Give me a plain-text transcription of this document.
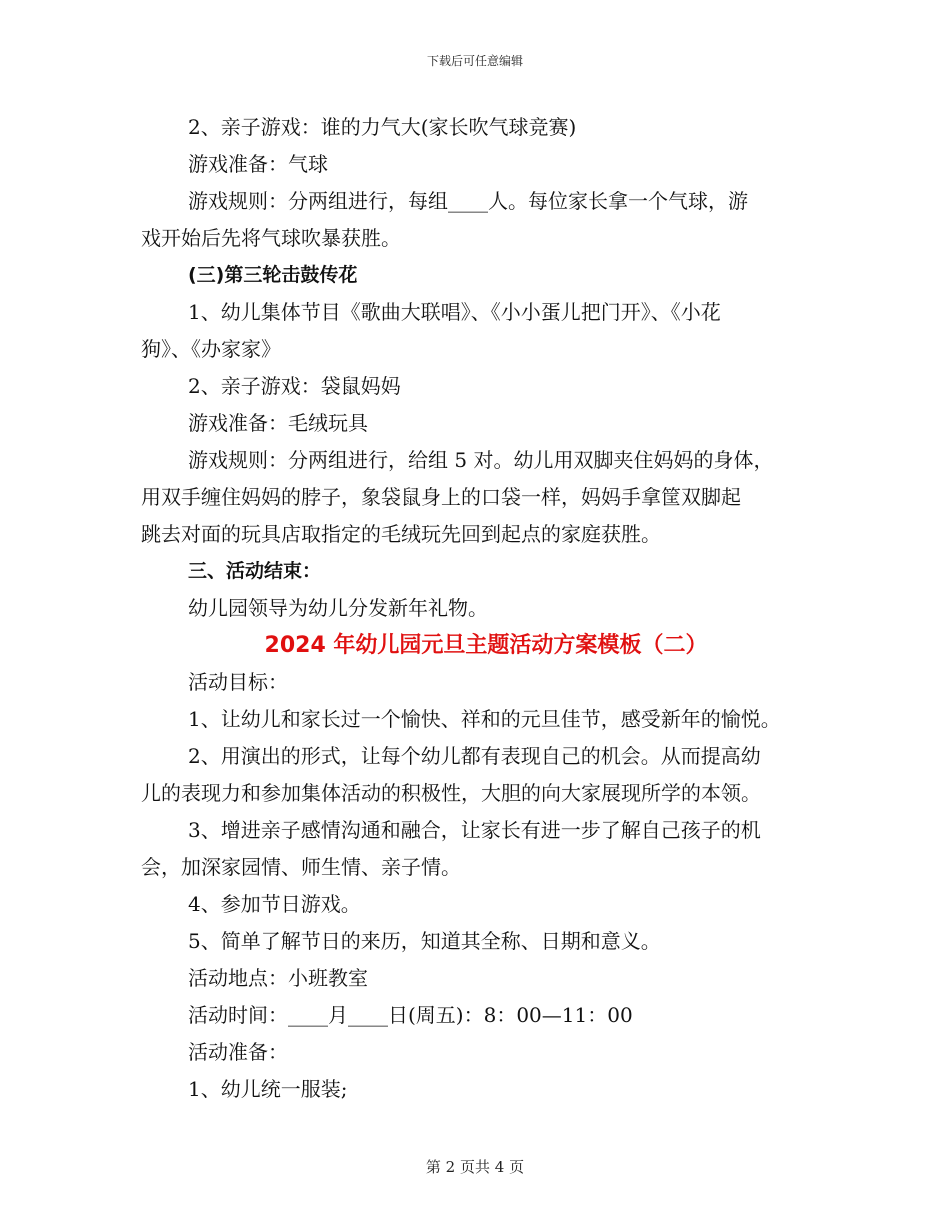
下载后可任意编辑

2、亲子游戏：谁的力气大(家长吹气球竞赛)

游戏准备：气球

游戏规则：分两组进行，每组____人。每位家长拿一个气球，游

戏开始后先将气球吹暴获胜。

(三)第三轮击鼓传花

1、幼儿集体节目《歌曲大联唱》、《小小蛋儿把门开》、《小花

狗》、《办家家》

2、亲子游戏：袋鼠妈妈

游戏准备：毛绒玩具

游戏规则：分两组进行，给组 5 对。幼儿用双脚夹住妈妈的身体，

用双手缠住妈妈的脖子，象袋鼠身上的口袋一样，妈妈手拿筐双脚起

跳去对面的玩具店取指定的毛绒玩先回到起点的家庭获胜。

三、活动结束：

幼儿园领导为幼儿分发新年礼物。

2024 年幼儿园元旦主题活动方案模板（二）

活动目标：

1、让幼儿和家长过一个愉快、祥和的元旦佳节，感受新年的愉悦。

2、用演出的形式，让每个幼儿都有表现自己的机会。从而提高幼

儿的表现力和参加集体活动的积极性，大胆的向大家展现所学的本领。

3、增进亲子感情沟通和融合，让家长有进一步了解自己孩子的机

会，加深家园情、师生情、亲子情。

4、参加节日游戏。

5、简单了解节日的来历，知道其全称、日期和意义。

活动地点：小班教室

活动时间：____月____日(周五)：8：00—11：00

活动准备：

1、幼儿统一服装;

第 2 页共 4 页
